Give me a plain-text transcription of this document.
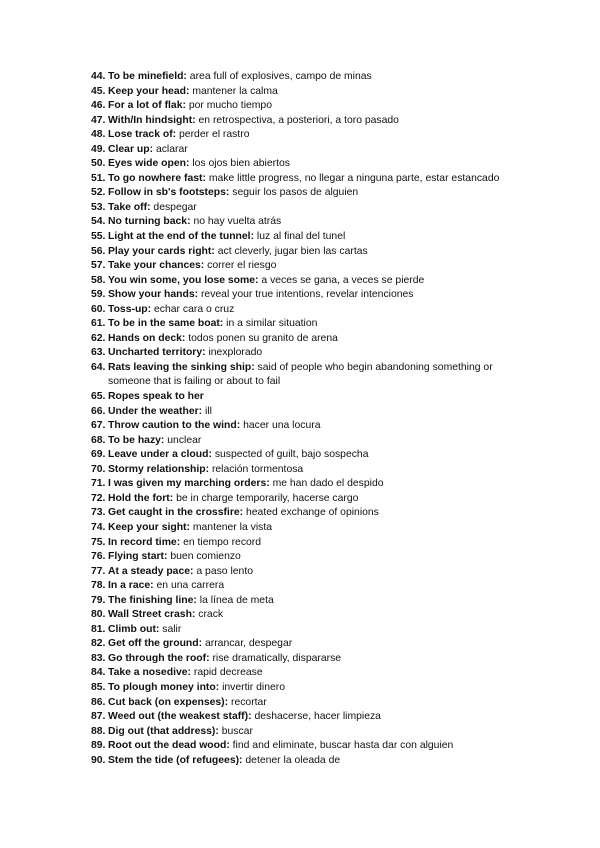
44. To be minefield: area full of explosives, campo de minas
45. Keep your head: mantener la calma
46. For a lot of flak: por mucho tiempo
47. With/In hindsight: en retrospectiva, a posteriori, a toro pasado
48. Lose track of: perder el rastro
49. Clear up: aclarar
50. Eyes wide open: los ojos bien abiertos
51. To go nowhere fast: make little progress, no llegar a ninguna parte, estar estancado
52. Follow in sb's footsteps: seguir los pasos de alguien
53. Take off: despegar
54. No turning back: no hay vuelta atrás
55. Light at the end of the tunnel: luz al final del tunel
56. Play your cards right: act cleverly, jugar bien las cartas
57. Take your chances: correr el riesgo
58. You win some, you lose some: a veces se gana, a veces se pierde
59. Show your hands: reveal your true intentions, revelar intenciones
60. Toss-up: echar cara o cruz
61. To be in the same boat: in a similar situation
62. Hands on deck: todos ponen su granito de arena
63. Uncharted territory: inexplorado
64. Rats leaving the sinking ship: said of people who begin abandoning something or someone that is failing or about to fail
65. Ropes speak to her
66. Under the weather: ill
67. Throw caution to the wind: hacer una locura
68. To be hazy: unclear
69. Leave under a cloud: suspected of guilt, bajo sospecha
70. Stormy relationship: relación tormentosa
71. I was given my marching orders: me han dado el despido
72. Hold the fort: be in charge temporarily, hacerse cargo
73. Get caught in the crossfire: heated exchange of opinions
74. Keep your sight: mantener la vista
75. In record time: en tiempo record
76. Flying start: buen comienzo
77. At a steady pace: a paso lento
78. In a race: en una carrera
79. The finishing line: la línea de meta
80. Wall Street crash: crack
81. Climb out: salir
82. Get off the ground: arrancar, despegar
83. Go through the roof: rise dramatically, dispararse
84. Take a nosedive: rapid decrease
85. To plough money into: invertir dinero
86. Cut back (on expenses): recortar
87. Weed out (the weakest staff): deshacerse, hacer limpieza
88. Dig out (that address): buscar
89. Root out the dead wood: find and eliminate, buscar hasta dar con alguien
90. Stem the tide (of refugees): detener la oleada de
